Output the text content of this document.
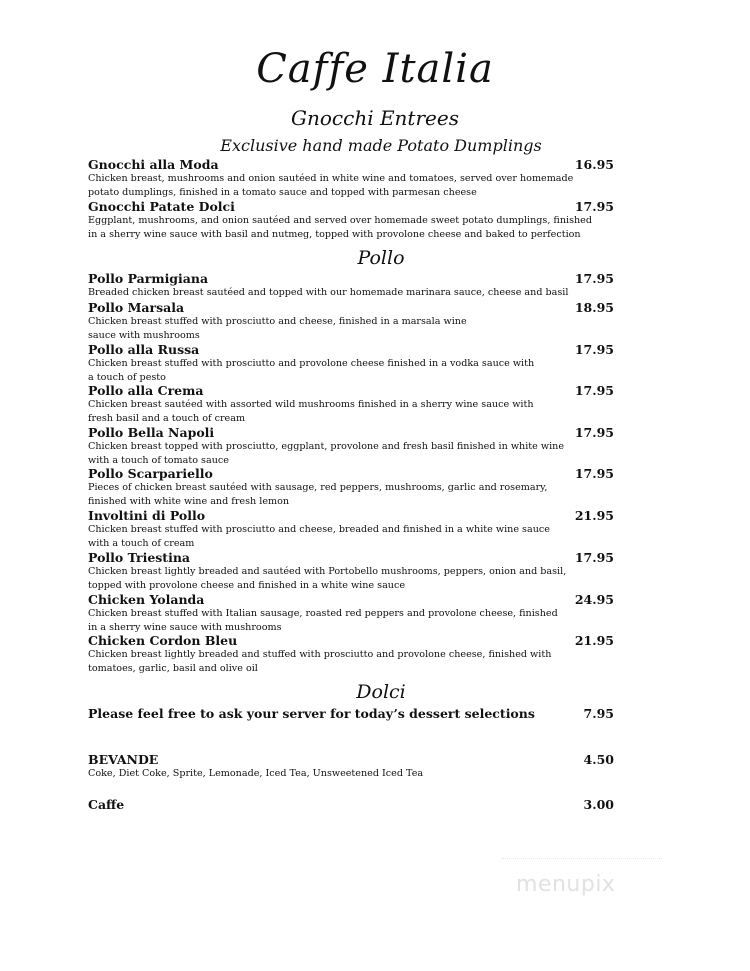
Caffe Italia
Gnocchi Entrees
Exclusive hand made Potato Dumplings
Gnocchi alla Moda	16.95
Chicken breast, mushrooms and onion sautéed in white wine and tomatoes, served over homemade
potato dumplings, finished in a tomato sauce and topped with parmesan cheese
Gnocchi Patate Dolci	17.95
Eggplant, mushrooms, and onion sautéed and served over homemade sweet potato dumplings, finished
in a sherry wine sauce with basil and nutmeg, topped with provolone cheese and baked to perfection
Pollo
Pollo Parmigiana	17.95
Breaded chicken breast sautéed and topped with our homemade marinara sauce, cheese and basil
Pollo Marsala	18.95
Chicken breast stuffed with prosciutto and cheese, finished in a marsala wine
sauce with mushrooms
Pollo alla Russa	17.95
Chicken breast stuffed with prosciutto and provolone cheese finished in a vodka sauce with
a touch of pesto
Pollo alla Crema	17.95
Chicken breast sautéed with assorted wild mushrooms finished in a sherry wine sauce with
fresh basil and a touch of cream
Pollo Bella Napoli	17.95
Chicken breast topped with prosciutto, eggplant, provolone and fresh basil finished in white wine
with a touch of tomato sauce
Pollo Scarpariello	17.95
Pieces of chicken breast sautéed with sausage, red peppers, mushrooms, garlic and rosemary,
finished with white wine and fresh lemon
Involtini di Pollo	21.95
Chicken breast stuffed with prosciutto and cheese, breaded and finished in a white wine sauce
with a touch of cream
Pollo Triestina	17.95
Chicken breast lightly breaded and sautéed with Portobello mushrooms, peppers, onion and basil,
topped with provolone cheese and finished in a white wine sauce
Chicken Yolanda	24.95
Chicken breast stuffed with Italian sausage, roasted red peppers and provolone cheese, finished
in a sherry wine sauce with mushrooms
Chicken Cordon Bleu	21.95
Chicken breast lightly breaded and stuffed with prosciutto and provolone cheese, finished with
tomatoes, garlic, basil and olive oil
Dolci
Please feel free to ask your server for today’s dessert selections	7.95
BEVANDE	4.50
Coke, Diet Coke, Sprite, Lemonade, Iced Tea, Unsweetened Iced Tea
Caffe	3.00
menupix
